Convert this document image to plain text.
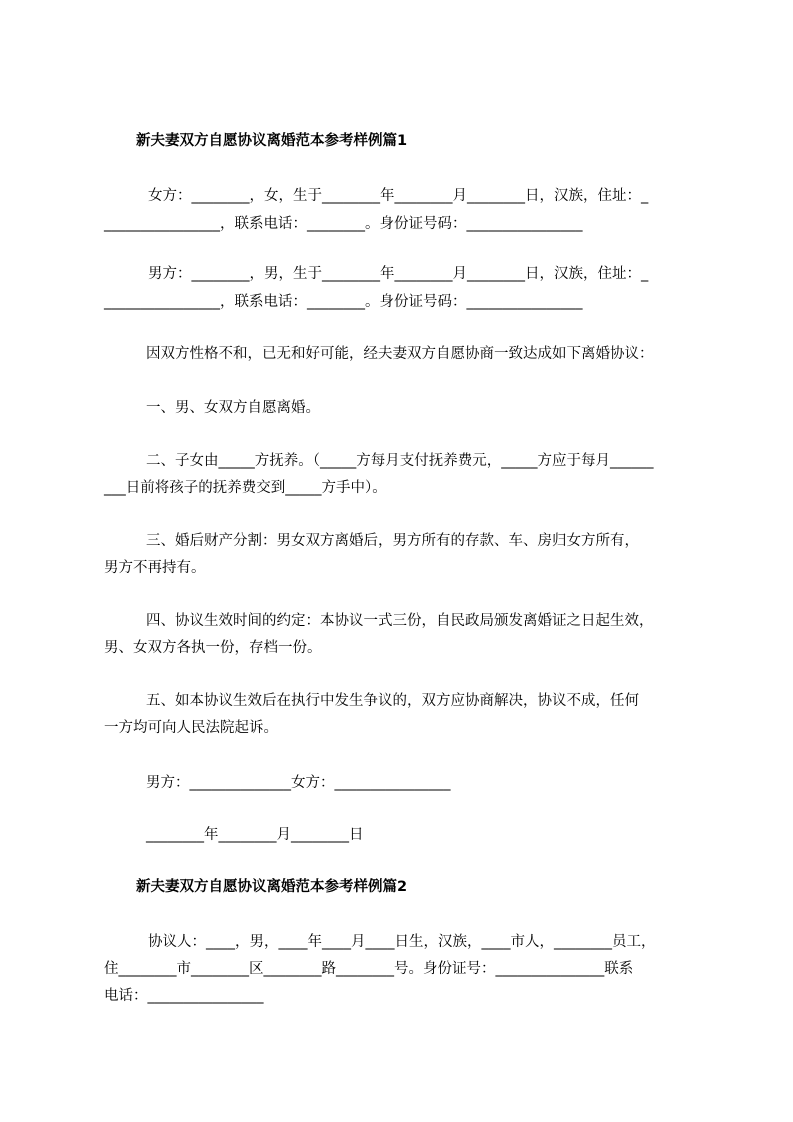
新夫妻双方自愿协议离婚范本参考样例篇1
女方：________，女，生于________年________月________日，汉族，住址：_
________________，联系电话：________。身份证号码：________________
男方：________，男，生于________年________月________日，汉族，住址：_
________________，联系电话：________。身份证号码：________________
因双方性格不和，已无和好可能，经夫妻双方自愿协商一致达成如下离婚协议：
一、男、女双方自愿离婚。
二、子女由_____方抚养。（_____方每月支付抚养费元，_____方应于每月______
___日前将孩子的抚养费交到_____方手中）。
三、婚后财产分割：男女双方离婚后，男方所有的存款、车、房归女方所有，
男方不再持有。
四、协议生效时间的约定：本协议一式三份，自民政局颁发离婚证之日起生效，
男、女双方各执一份，存档一份。
五、如本协议生效后在执行中发生争议的，双方应协商解决，协议不成，任何
一方均可向人民法院起诉。
男方：______________女方：________________
________年________月________日
新夫妻双方自愿协议离婚范本参考样例篇2
协议人：____，男，____年____月____日生，汉族，____市人，________员工，
住________市________区________路________号。身份证号：_______________联系
电话：________________
